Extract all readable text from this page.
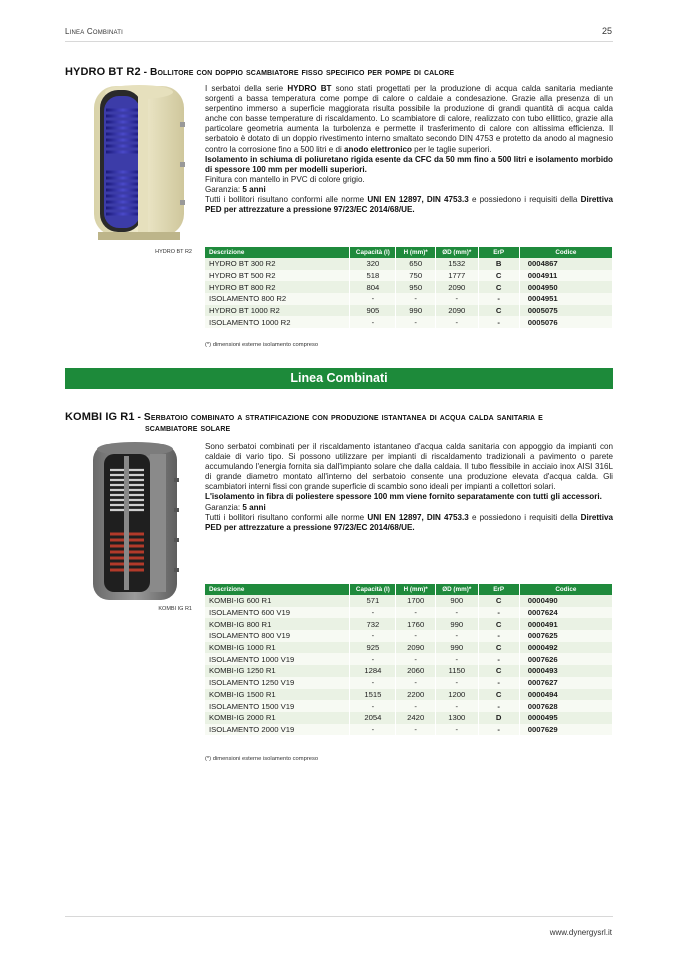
Linea Combinati	25
HYDRO BT R2 - Bollitore con doppio scambiatore fisso specifico per pompe di calore
HYDRO BT R2

I serbatoi della serie HYDRO BT sono stati progettati per la produzione di acqua calda sanitaria mediante sorgenti a bassa temperatura come pompe di calore o caldaie a condesazione. Grazie alla presenza di un serpentino immerso a superficie maggiorata risulta possibile la produzione di grandi quantità di acqua calda anche con basse temperature di riscaldamento. Lo scambiatore di calore, realizzato con tubo ellittico, grazie alla particolare geometria aumenta la turbolenza e permette il trasferimento di calore con altissima efficienza. Il serbatoio è dotato di un doppio rivestimento interno smaltato secondo DIN 4753 e protetto da anodo al magnesio contro la corrosione fino a 500 litri e di anodo elettronico per le taglie superiori.

Isolamento in schiuma di poliuretano rigida esente da CFC da 50 mm fino a 500 litri e isolamento morbido di spessore 100 mm per modelli superiori.

Finitura con mantello in PVC di colore grigio.

Garanzia: 5 anni

Tutti i bollitori risultano conformi alle norme UNI EN 12897, DIN 4753.3 e possiedono i requisiti della Direttiva PED per attrezzature a pressione 97/23/EC 2014/68/UE.

Descrizione	Capacità (l)	H (mm)*	ØD (mm)*	ErP	Codice
HYDRO BT 300 R2	320	650	1532	B	0004867
HYDRO BT 500 R2	518	750	1777	C	0004911
HYDRO BT 800 R2	804	950	2090	C	0004950
ISOLAMENTO 800 R2	-	-	-	-	0004951
HYDRO BT 1000 R2	905	990	2090	C	0005075
ISOLAMENTO 1000 R2	-	-	-	-	0005076
(*) dimensioni esterne isolamento compreso
Linea Combinati
KOMBI IG R1 - Serbatoio combinato a stratificazione con produzione istantanea di acqua calda sanitaria e
scambiatore solare
KOMBI IG R1

Sono serbatoi combinati per il riscaldamento istantaneo d'acqua calda sanitaria con appoggio da impianti con caldaie di vario tipo. Si possono utilizzare per impianti di riscaldamento tradizionali a pavimento o parete accumulando l'energia fornita sia dall'impianto solare che dalla caldaia. Il tubo flessibile in acciaio inox AISI 316L di grande diametro montato all'interno del serbatoio consente una produzione elevata d'acqua calda. Gli scambiatori interni fissi con grande superficie di scambio sono ideali per impianti a collettori solari.

L'isolamento in fibra di poliestere spessore 100 mm viene fornito separatamente con tutti gli accessori.

Garanzia: 5 anni

Tutti i bollitori risultano conformi alle norme UNI EN 12897, DIN 4753.3 e possiedono i requisiti della Direttiva PED per attrezzature a pressione 97/23/EC 2014/68/UE.

Descrizione	Capacità (l)	H (mm)*	ØD (mm)*	ErP	Codice
KOMBI-IG 600 R1	571	1700	900	C	0000490
ISOLAMENTO 600 V19	-	-	-	-	0007624
KOMBI-IG 800 R1	732	1760	990	C	0000491
ISOLAMENTO 800 V19	-	-	-	-	0007625
KOMBI-IG 1000 R1	925	2090	990	C	0000492
ISOLAMENTO 1000 V19	-	-	-	-	0007626
KOMBI-IG 1250 R1	1284	2060	1150	C	0000493
ISOLAMENTO 1250 V19	-	-	-	-	0007627
KOMBI-IG 1500 R1	1515	2200	1200	C	0000494
ISOLAMENTO 1500 V19	-	-	-	-	0007628
KOMBI-IG 2000 R1	2054	2420	1300	D	0000495
ISOLAMENTO 2000 V19	-	-	-	-	0007629
(*) dimensioni esterne isolamento compreso
www.dynergysrl.it
